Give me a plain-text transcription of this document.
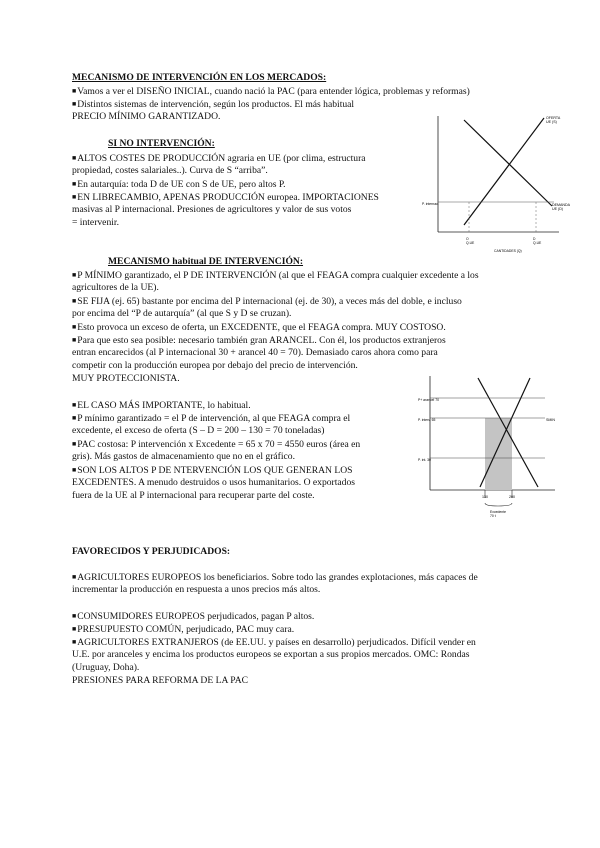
MECANISMO DE INTERVENCIÓN EN LOS MERCADOS:
■Vamos a ver el DISEÑO INICIAL, cuando nació la PAC (para entender lógica, problemas y reformas)
■Distintos sistemas de intervención, según los productos. El más habitual
PRECIO MÍNIMO GARANTIZADO.
SI NO INTERVENCIÓN:
■ALTOS COSTES DE PRODUCCIÓN agraria en UE (por clima, estructura
propiedad, costes salariales..). Curva de S “arriba”.
■En autarquía: toda D de UE con S de UE, pero altos P.
■EN LIBRECAMBIO, APENAS PRODUCCIÓN europea. IMPORTACIONES
masivas al P internacional. Presiones de agricultores y valor de sus votos
= intervenir.
OFERTA UE (S)
DEMANDA UE (D)
P. internac.
O Q.UE
D Q.UE
CANTIDADES (Q)
MECANISMO habitual DE INTERVENCIÓN:
■P MÍNIMO garantizado, el P DE INTERVENCIÓN (al que el FEAGA compra cualquier excedente a los
agricultores de la UE).
■SE FIJA (ej. 65) bastante por encima del P internacional (ej. de 30), a veces más del doble, e incluso
por encima del “P de autarquía” (al que S y D se cruzan).
■Esto provoca un exceso de oferta, un EXCEDENTE, que el FEAGA compra. MUY COSTOSO.
■Para que esto sea posible: necesario también gran ARANCEL. Con él, los productos extranjeros
entran encarecidos (al P internacional 30 + arancel 40 = 70). Demasiado caros ahora como para
competir con la producción europea por debajo del precio de intervención.
MUY PROTECCIONISTA.
■EL CASO MÁS IMPORTANTE, lo habitual.
■P mínimo garantizado = el P de intervención, al que FEAGA compra el
excedente, el exceso de oferta (S – D = 200 – 130 = 70 toneladas)
■PAC costosa: P intervención x Excedente = 65 x 70 = 4550 euros (área en
gris). Más gastos de almacenamiento que no en el gráfico.
■SON LOS ALTOS P DE NTERVENCIÓN LOS QUE GENERAN LOS
EXCEDENTES. A menudo destruidos o usos humanitarios. O exportados
fuera de la UE al P internacional para recuperar parte del coste.
P+ arancel 70
P. interv. 65	SMIN
P. int. 30
130	200
Excedente 70 t
FAVORECIDOS Y PERJUDICADOS:
■AGRICULTORES EUROPEOS los beneficiarios. Sobre todo las grandes explotaciones, más capaces de
incrementar la producción en respuesta a unos precios más altos.
■CONSUMIDORES EUROPEOS perjudicados, pagan P altos.
■PRESUPUESTO COMÚN, perjudicado, PAC muy cara.
■AGRICULTORES EXTRANJEROS (de EE.UU. y países en desarrollo) perjudicados. Difícil vender en
U.E. por aranceles y encima los productos europeos se exportan a sus propios mercados. OMC: Rondas
(Uruguay, Doha).
PRESIONES PARA REFORMA DE LA PAC
